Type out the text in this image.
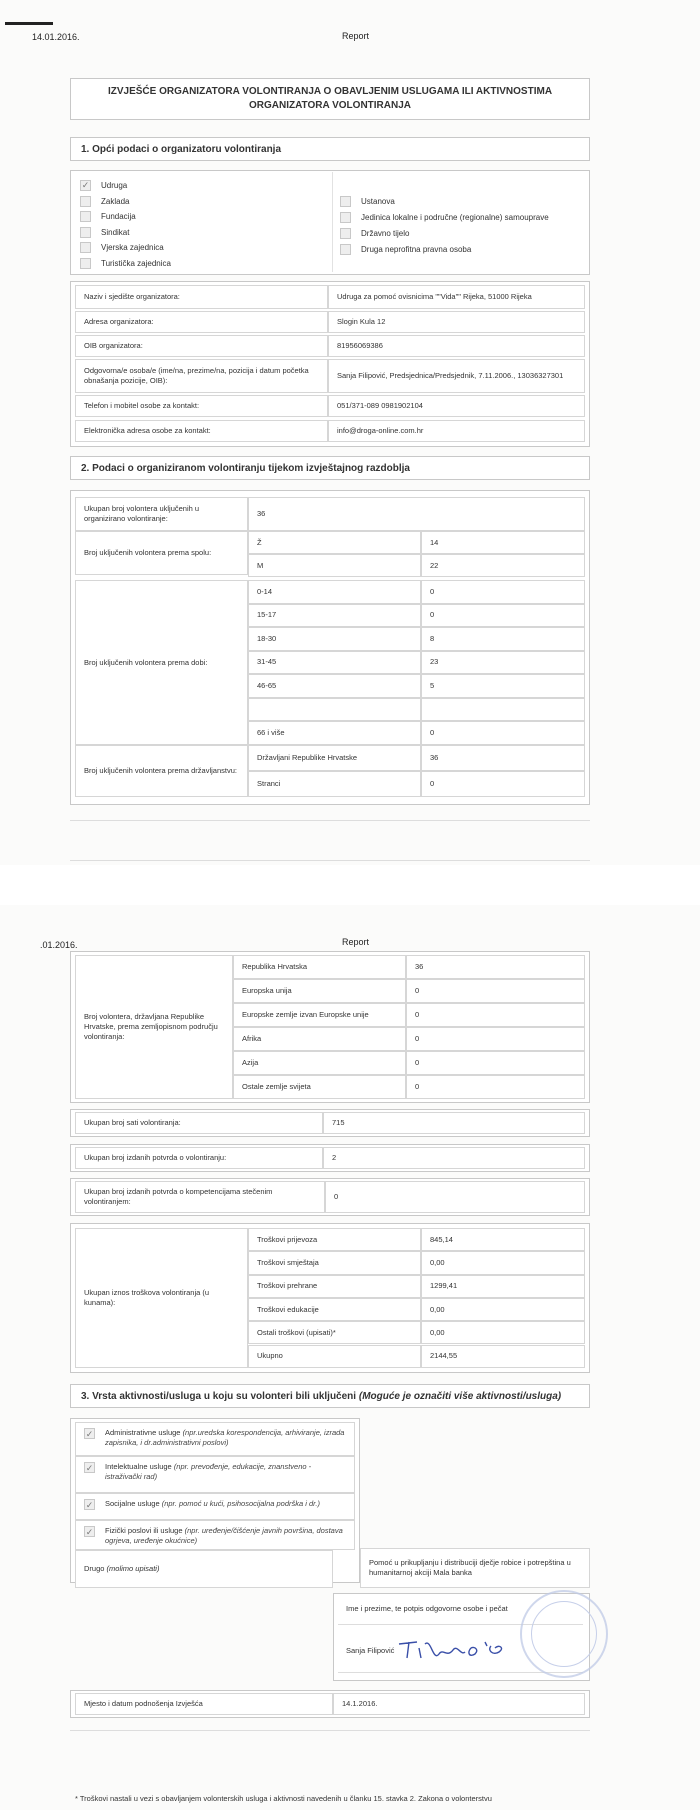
14.01.2016.	Report
IZVJEŠĆE ORGANIZATORA VOLONTIRANJA O OBAVLJENIM USLUGAMA ILI AKTIVNOSTIMA ORGANIZATORA VOLONTIRANJA
1. Opći podaci o organizatoru volontiranja
✓ Udruga
Zaklada
Fundacija
Sindikat
Vjerska zajednica
Turistička zajednica
Ustanova
Jedinica lokalne i područne (regionalne) samouprave
Državno tijelo
Druga neprofitna pravna osoba
Naziv i sjedište organizatora:	Udruga za pomoć ovisnicima ""Vida"" Rijeka, 51000 Rijeka
Adresa organizatora:	Slogin Kula 12
OIB organizatora:	81956069386
Odgovorna/e osoba/e (ime/na, prezime/na, pozicija i datum početka obnašanja pozicije, OIB):
Sanja Filipović, Predsjednica/Predsjednik, 7.11.2006., 13036327301
Telefon i mobitel osobe za kontakt:	051/371-089 0981902104
Elektronička adresa osobe za kontakt:	info@droga-online.com.hr
2. Podaci o organiziranom volontiranju tijekom izvještajnog razdoblja
Ukupan broj volontera uključenih u organizirano volontiranje:
36
Broj uključenih volontera prema spolu:
Ž	14
M	22
Broj uključenih volontera prema dobi:
0-14	0
15-17	0
18-30	8
31-45	23
46-65	5
66 i više	0
Broj uključenih volontera prema državljanstvu:
Državljani Republike Hrvatske	36
Stranci	0
.01.2016.	Report
Broj volontera, državljana Republike Hrvatske, prema zemljopisnom području volontiranja:
Republika Hrvatska	36
Europska unija	0
Europske zemlje izvan Europske unije	0
Afrika	0
Azija	0
Ostale zemlje svijeta	0
Ukupan broj sati volontiranja:	715
Ukupan broj izdanih potvrda o volontiranju:	2
Ukupan broj izdanih potvrda o kompetencijama stečenim volontiranjem:
0
Ukupan iznos troškova volontiranja (u kunama):
Troškovi prijevoza	845,14
Troškovi smještaja	0,00
Troškovi prehrane	1299,41
Troškovi edukacije	0,00
Ostali troškovi (upisati)*	0,00
Ukupno	2144,55
3. Vrsta aktivnosti/usluga u koju su volonteri bili uključeni
(Moguće je označiti više aktivnosti/usluga)
✓ Administrativne usluge (npr.uredska korespondencija, arhiviranje, izrada zapisnika, i dr.administrativni poslovi)
✓ Intelektualne usluge (npr. prevođenje, edukacije, znanstveno - istraživački rad)
✓ Socijalne usluge (npr. pomoć u kući, psihosocijalna podrška i dr.)
✓ Fizički poslovi ili usluge (npr. uređenje/čišćenje javnih površina, dostava ogrjeva, uređenje okućnice)
Drugo
(molimo upisati)
Pomoć u prikupljanju i distribuciji dječje robice i potrepština u humanitarnoj akciji Mala banka
Ime i prezime, te potpis odgovorne osobe i pečat
Sanja Filipović
Mjesto i datum podnošenja Izvješća	14.1.2016.
* Troškovi nastali u vezi s obavljanjem volonterskih usluga i aktivnosti navedenih u članku 15. stavka 2. Zakona o volonterstvu
